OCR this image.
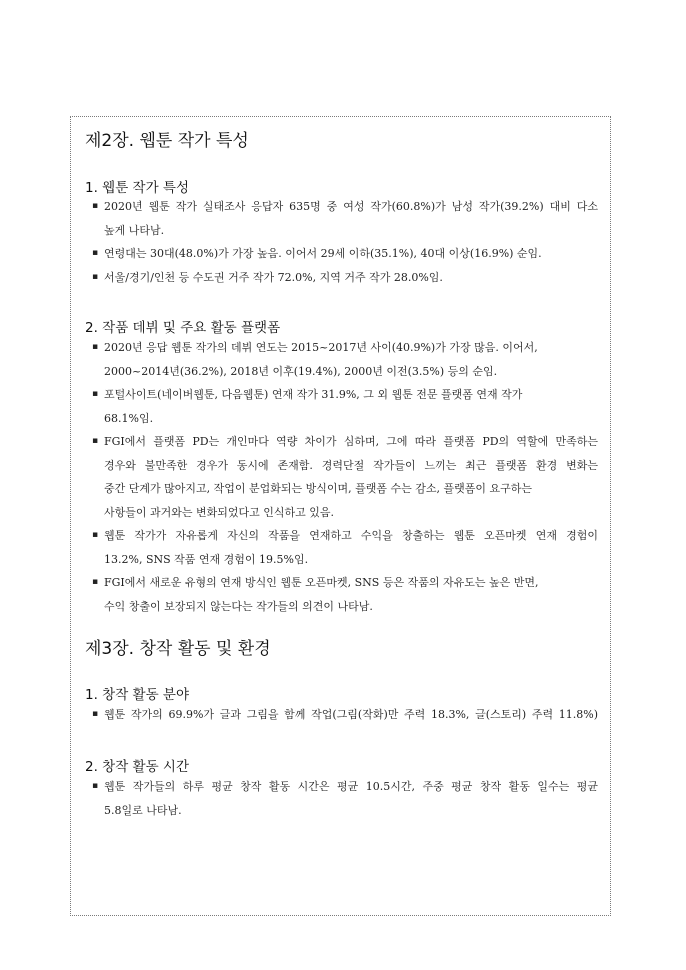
제2장. 웹툰 작가 특성
1. 웹툰 작가 특성
▪ 2020년 웹툰 작가 실태조사 응답자 635명 중 여성 작가(60.8%)가 남성 작가(39.2%) 대비 다소
높게 나타남.
▪ 연령대는 30대(48.0%)가 가장 높음. 이어서 29세 이하(35.1%), 40대 이상(16.9%) 순임.
▪ 서울/경기/인천 등 수도권 거주 작가 72.0%, 지역 거주 작가 28.0%임.
2. 작품 데뷔 및 주요 활동 플랫폼
▪ 2020년 응답 웹툰 작가의 데뷔 연도는 2015~2017년 사이(40.9%)가 가장 많음. 이어서,
2000~2014년(36.2%), 2018년 이후(19.4%), 2000년 이전(3.5%) 등의 순임.
▪ 포털사이트(네이버웹툰, 다음웹툰) 연재 작가 31.9%, 그 외 웹툰 전문 플랫폼 연재 작가
68.1%임.
▪ FGI에서 플랫폼 PD는 개인마다 역량 차이가 심하며, 그에 따라 플랫폼 PD의 역할에 만족하는
경우와 불만족한 경우가 동시에 존재함. 경력단절 작가들이 느끼는 최근 플랫폼 환경 변화는
중간 단계가 많아지고, 작업이 분업화되는 방식이며, 플랫폼 수는 감소, 플랫폼이 요구하는
사항들이 과거와는 변화되었다고 인식하고 있음.
▪ 웹툰 작가가 자유롭게 자신의 작품을 연재하고 수익을 창출하는 웹툰 오픈마켓 연재 경험이
13.2%, SNS 작품 연재 경험이 19.5%임.
▪ FGI에서 새로운 유형의 연재 방식인 웹툰 오픈마켓, SNS 등은 작품의 자유도는 높은 반면,
수익 창출이 보장되지 않는다는 작가들의 의견이 나타남.
제3장. 창작 활동 및 환경
1. 창작 활동 분야
▪ 웹툰 작가의 69.9%가 글과 그림을 함께 작업(그림(작화)만 주력 18.3%, 글(스토리) 주력 11.8%)
2. 창작 활동 시간
▪ 웹툰 작가들의 하루 평균 창작 활동 시간은 평균 10.5시간, 주중 평균 창작 활동 일수는 평균
5.8일로 나타남.
